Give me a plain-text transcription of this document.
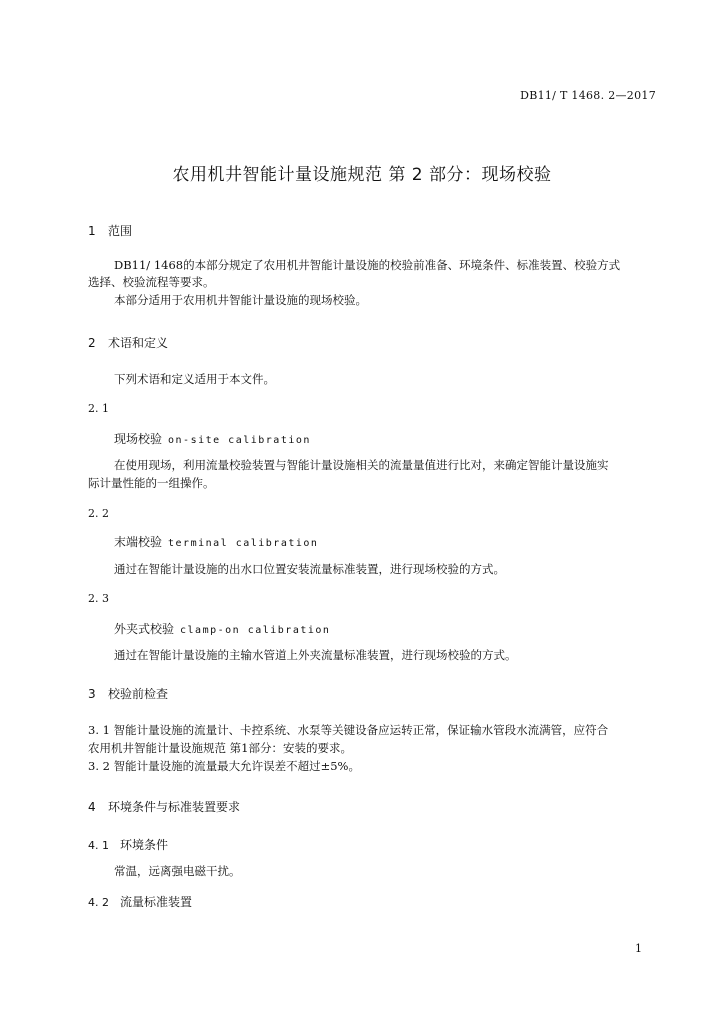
DB11/ T 1468. 2—2017
农用机井智能计量设施规范 第 2 部分：现场校验
1 范围
DB11/ 1468的本部分规定了农用机井智能计量设施的校验前准备、环境条件、标准装置、校验方式
选择、校验流程等要求。
本部分适用于农用机井智能计量设施的现场校验。
2 术语和定义
下列术语和定义适用于本文件。
2. 1
现场校验 on-site calibration
在使用现场，利用流量校验装置与智能计量设施相关的流量量值进行比对，来确定智能计量设施实
际计量性能的一组操作。
2. 2
末端校验 terminal calibration
通过在智能计量设施的出水口位置安装流量标准装置，进行现场校验的方式。
2. 3
外夹式校验 clamp-on calibration
通过在智能计量设施的主输水管道上外夹流量标准装置，进行现场校验的方式。
3 校验前检查
3. 1 智能计量设施的流量计、卡控系统、水泵等关键设备应运转正常，保证输水管段水流满管，应符合
农用机井智能计量设施规范 第1部分：安装的要求。
3. 2 智能计量设施的流量最大允许误差不超过±5%。
4 环境条件与标准装置要求
4. 1 环境条件
常温，远离强电磁干扰。
4. 2 流量标准装置
1
